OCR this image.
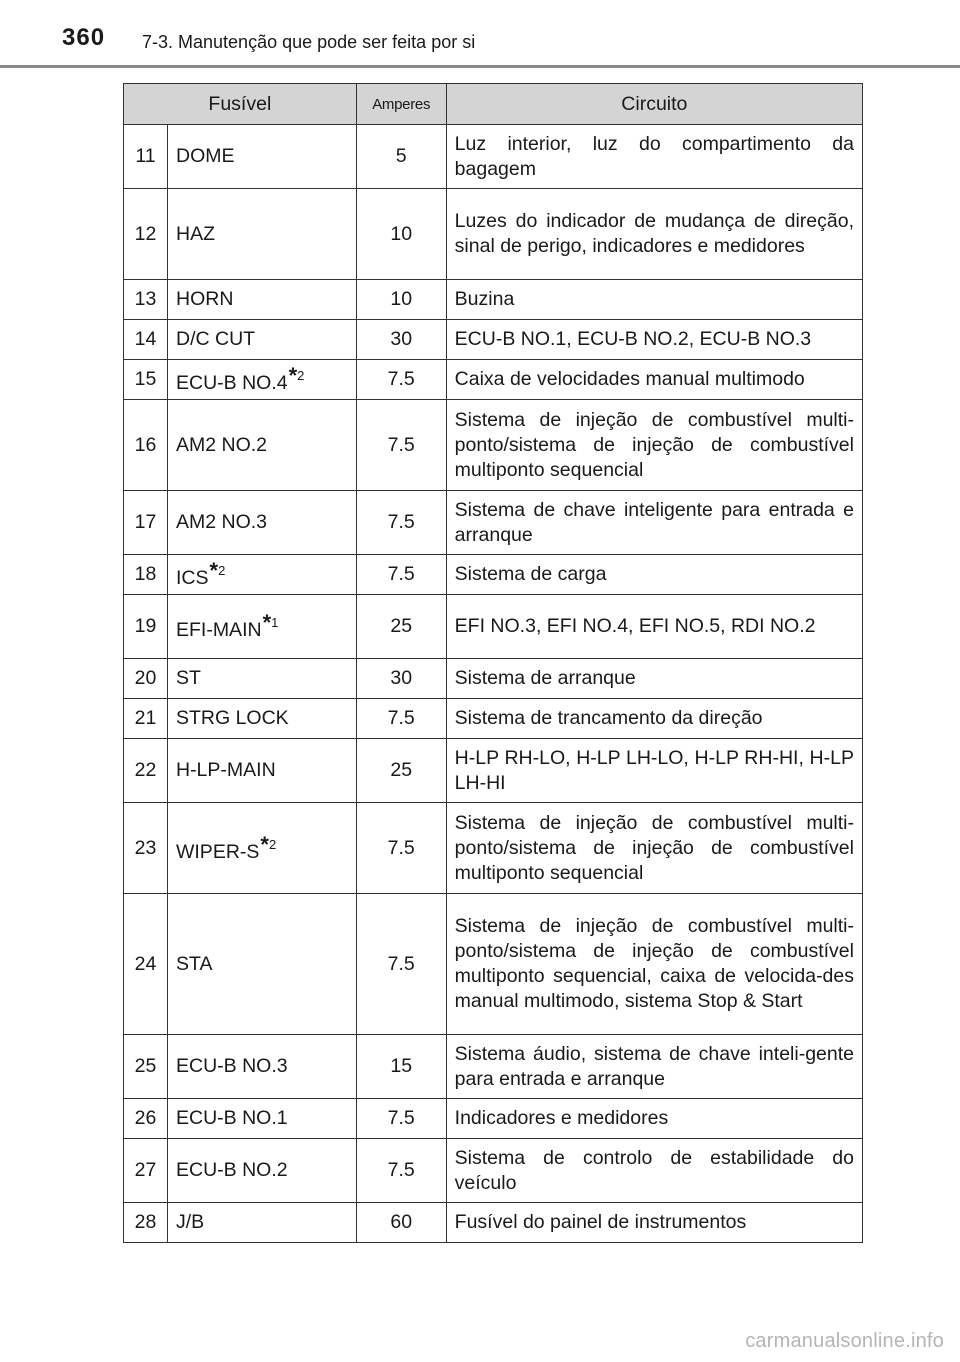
360 7-3. Manutenção que pode ser feita por si
Fusível		Amperes	Circuito
11	DOME	5	Luz interior, luz do compartimento da bagagem
12	HAZ	10	Luzes do indicador de mudança de direção, sinal de perigo, indicadores e medidores
13	HORN	10	Buzina
14	D/C CUT	30	ECU-B NO.1, ECU-B NO.2, ECU-B NO.3
15	ECU-B NO.4$^{*2}$	7.5	Caixa de velocidades manual multimodo
16	AM2 NO.2	7.5	Sistema de injeção de combustível multi-ponto/sistema de injeção de combustível multiponto sequencial
17	AM2 NO.3	7.5	Sistema de chave inteligente para entrada e arranque
18	ICS$^{*2}$	7.5	Sistema de carga
19	EFI-MAIN$^{*1}$	25	EFI NO.3, EFI NO.4, EFI NO.5, RDI NO.2
20	ST	30	Sistema de arranque
21	STRG LOCK	7.5	Sistema de trancamento da direção
22	H-LP-MAIN	25	H-LP RH-LO, H-LP LH-LO, H-LP RH-HI, H-LP LH-HI
23	WIPER-S$^{*2}$	7.5	Sistema de injeção de combustível multi-ponto/sistema de injeção de combustível multiponto sequencial
24	STA	7.5	Sistema de injeção de combustível multi-ponto/sistema de injeção de combustível multiponto sequencial, caixa de velocida-des manual multimodo, sistema Stop & Start
25	ECU-B NO.3	15	Sistema áudio, sistema de chave inteli-gente para entrada e arranque
26	ECU-B NO.1	7.5	Indicadores e medidores
27	ECU-B NO.2	7.5	Sistema de controlo de estabilidade do veículo
28	J/B	60	Fusível do painel de instrumentos
carmanualsonline.info
